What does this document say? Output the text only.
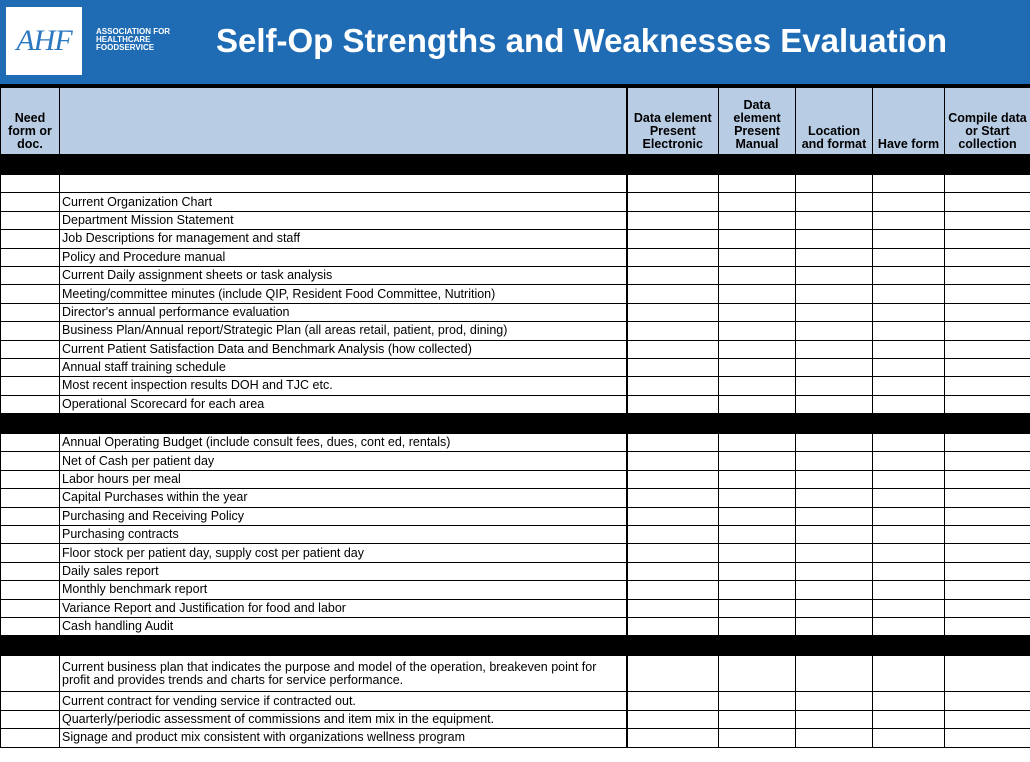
AHF	ASSOCIATION FOR
HEALTHCARE
FOODSERVICE	Self-Op Strengths and Weaknesses Evaluation
Need form or doc.		Data element Present Electronic	Data element Present Manual	Location and format	Have form	Compile data or Start collection

	Current Organization Chart					
	Department Mission Statement					
	Job Descriptions for management and staff					
	Policy and Procedure manual					
	Current Daily assignment sheets or task analysis					
	Meeting/committee minutes (include QIP, Resident Food Committee, Nutrition)					
	Director's annual performance evaluation					
	Business Plan/Annual report/Strategic Plan (all areas retail, patient, prod, dining)					
	Current Patient Satisfaction Data and Benchmark Analysis (how collected)					
	Annual staff training schedule					
	Most recent inspection results DOH and TJC etc.					
	Operational Scorecard for each area					

	Annual Operating Budget (include consult fees, dues, cont ed, rentals)					
	Net of Cash per patient day					
	Labor hours per meal					
	Capital Purchases within the year					
	Purchasing and Receiving Policy					
	Purchasing contracts					
	Floor stock per patient day, supply cost per patient day					
	Daily sales report					
	Monthly benchmark report					
	Variance Report and Justification for food and labor					
	Cash handling Audit					

	Current business plan that indicates the purpose and model of the operation, breakeven point for profit and provides trends and charts for service performance.					
	Current contract for vending service if contracted out.					
	Quarterly/periodic assessment of commissions and item mix in the equipment.					
	Signage and product mix consistent with organizations wellness program					
